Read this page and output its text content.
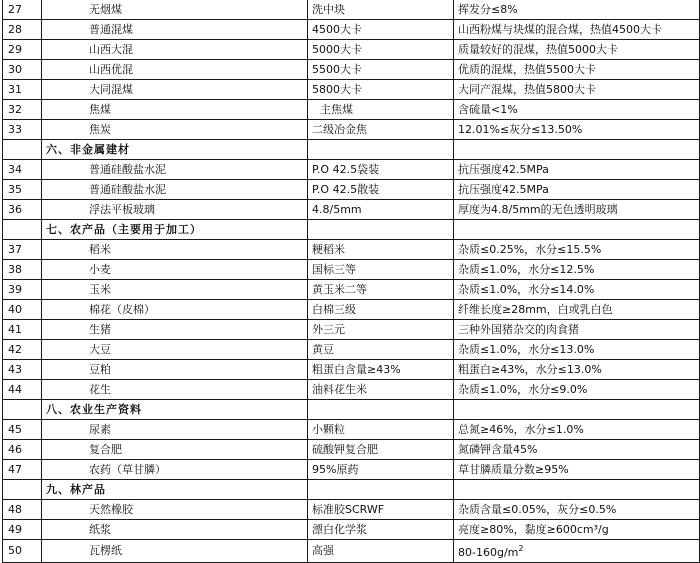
27	无烟煤	洗中块	挥发分≤8%
28	普通混煤	4500大卡	山西粉煤与块煤的混合煤，热值4500大卡
29	山西大混	5000大卡	质量较好的混煤，热值5000大卡
30	山西优混	5500大卡	优质的混煤，热值5500大卡
31	大同混煤	5800大卡	大同产混煤，热值5800大卡
32	焦煤	主焦煤	含硫量<1%
33	焦炭	二级冶金焦	12.01%≤灰分≤13.50%
	六、非金属建材		
34	普通硅酸盐水泥	P.O 42.5袋装	抗压强度42.5MPa
35	普通硅酸盐水泥	P.O 42.5散装	抗压强度42.5MPa
36	浮法平板玻璃	4.8/5mm	厚度为4.8/5mm的无色透明玻璃
	七、农产品（主要用于加工）		
37	稻米	粳稻米	杂质≤0.25%，水分≤15.5%
38	小麦	国标三等	杂质≤1.0%，水分≤12.5%
39	玉米	黄玉米二等	杂质≤1.0%，水分≤14.0%
40	棉花（皮棉）	白棉三级	纤维长度≥28mm，白或乳白色
41	生猪	外三元	三种外国猪杂交的肉食猪
42	大豆	黄豆	杂质≤1.0%，水分≤13.0%
43	豆粕	粗蛋白含量≥43%	粗蛋白≥43%，水分≤13.0%
44	花生	油料花生米	杂质≤1.0%，水分≤9.0%
	八、农业生产资料		
45	尿素	小颗粒	总氮≥46%，水分≤1.0%
46	复合肥	硫酸钾复合肥	氮磷钾含量45%
47	农药（草甘膦）	95%原药	草甘膦质量分数≥95%
	九、林产品		
48	天然橡胶	标准胶SCRWF	杂质含量≤0.05%，灰分≤0.5%
49	纸浆	漂白化学浆	亮度≥80%，黏度≥600cm³/g
50	瓦楞纸	高强	$80-160g/m^2$
